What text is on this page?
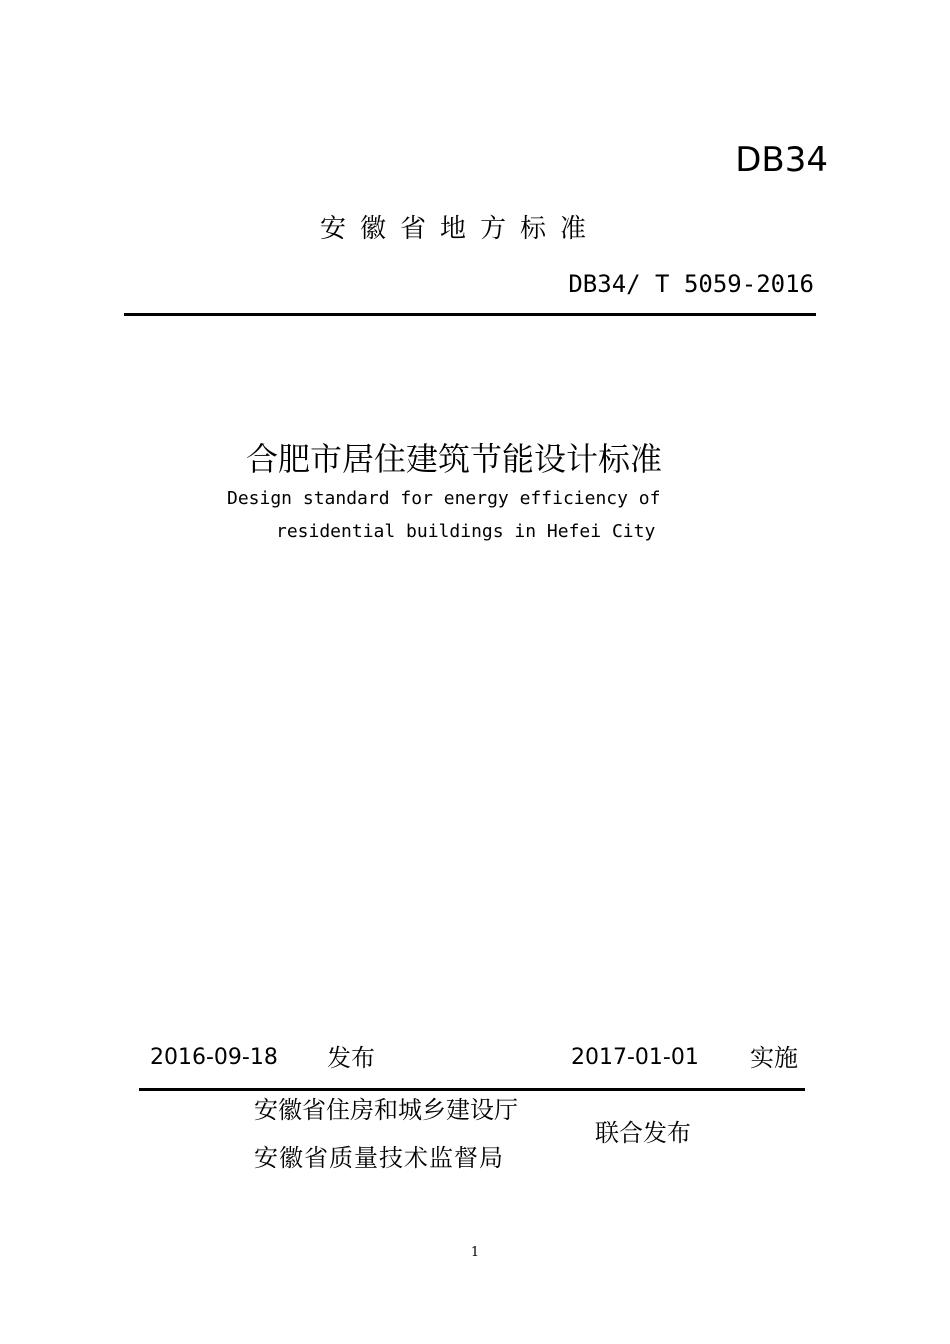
DB34
安徽省地方标准
DB34/ T 5059-2016
合肥市居住建筑节能设计标准
Design standard for energy efficiency of
residential buildings in Hefei City
2016-09-18 发布	2017-01-01 实施
安徽省住房和城乡建设厅
安徽省质量技术监督局
联合发布
1
